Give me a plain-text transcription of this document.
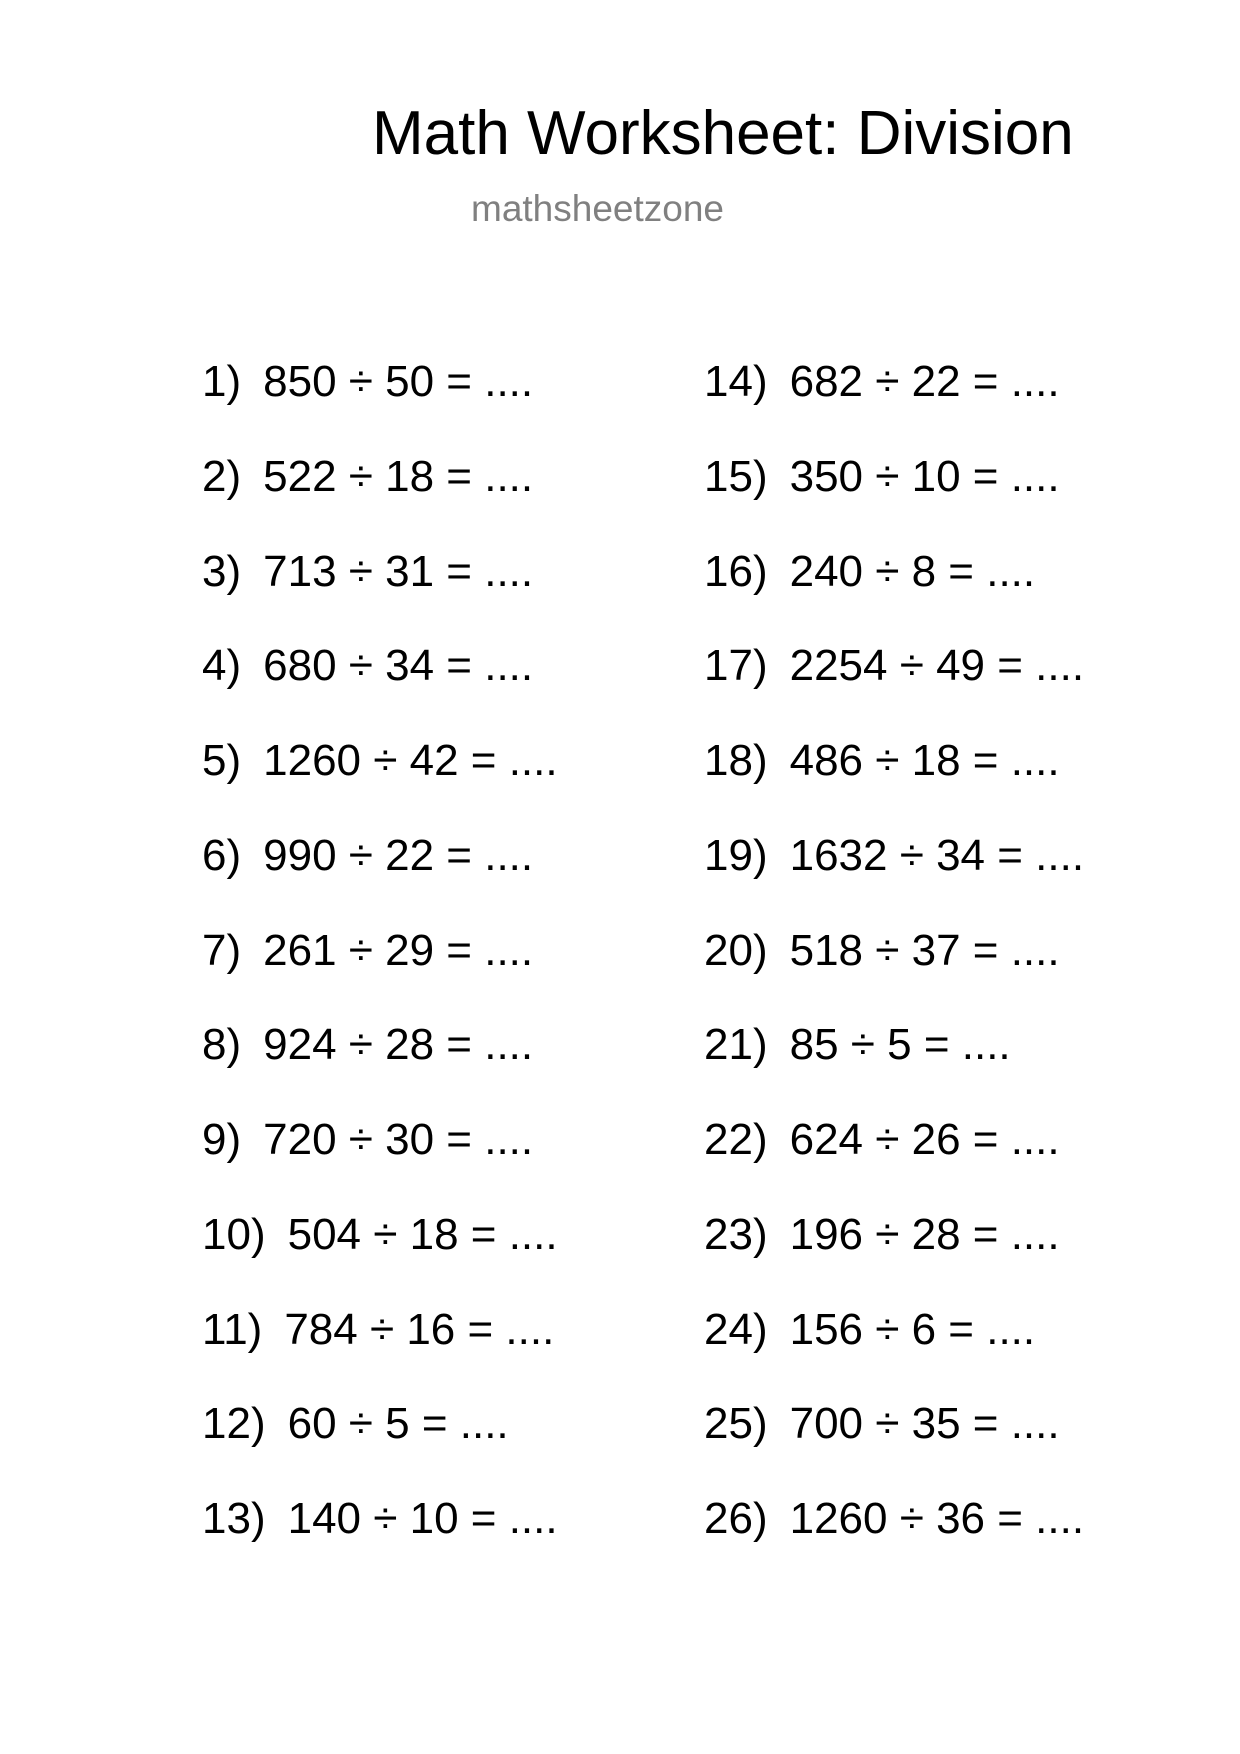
Math Worksheet: Division
mathsheetzone
1) 850 ÷ 50 = ....
2) 522 ÷ 18 = ....
3) 713 ÷ 31 = ....
4) 680 ÷ 34 = ....
5) 1260 ÷ 42 = ....
6) 990 ÷ 22 = ....
7) 261 ÷ 29 = ....
8) 924 ÷ 28 = ....
9) 720 ÷ 30 = ....
10) 504 ÷ 18 = ....
11) 784 ÷ 16 = ....
12) 60 ÷ 5 = ....
13) 140 ÷ 10 = ....
14) 682 ÷ 22 = ....
15) 350 ÷ 10 = ....
16) 240 ÷ 8 = ....
17) 2254 ÷ 49 = ....
18) 486 ÷ 18 = ....
19) 1632 ÷ 34 = ....
20) 518 ÷ 37 = ....
21) 85 ÷ 5 = ....
22) 624 ÷ 26 = ....
23) 196 ÷ 28 = ....
24) 156 ÷ 6 = ....
25) 700 ÷ 35 = ....
26) 1260 ÷ 36 = ....
